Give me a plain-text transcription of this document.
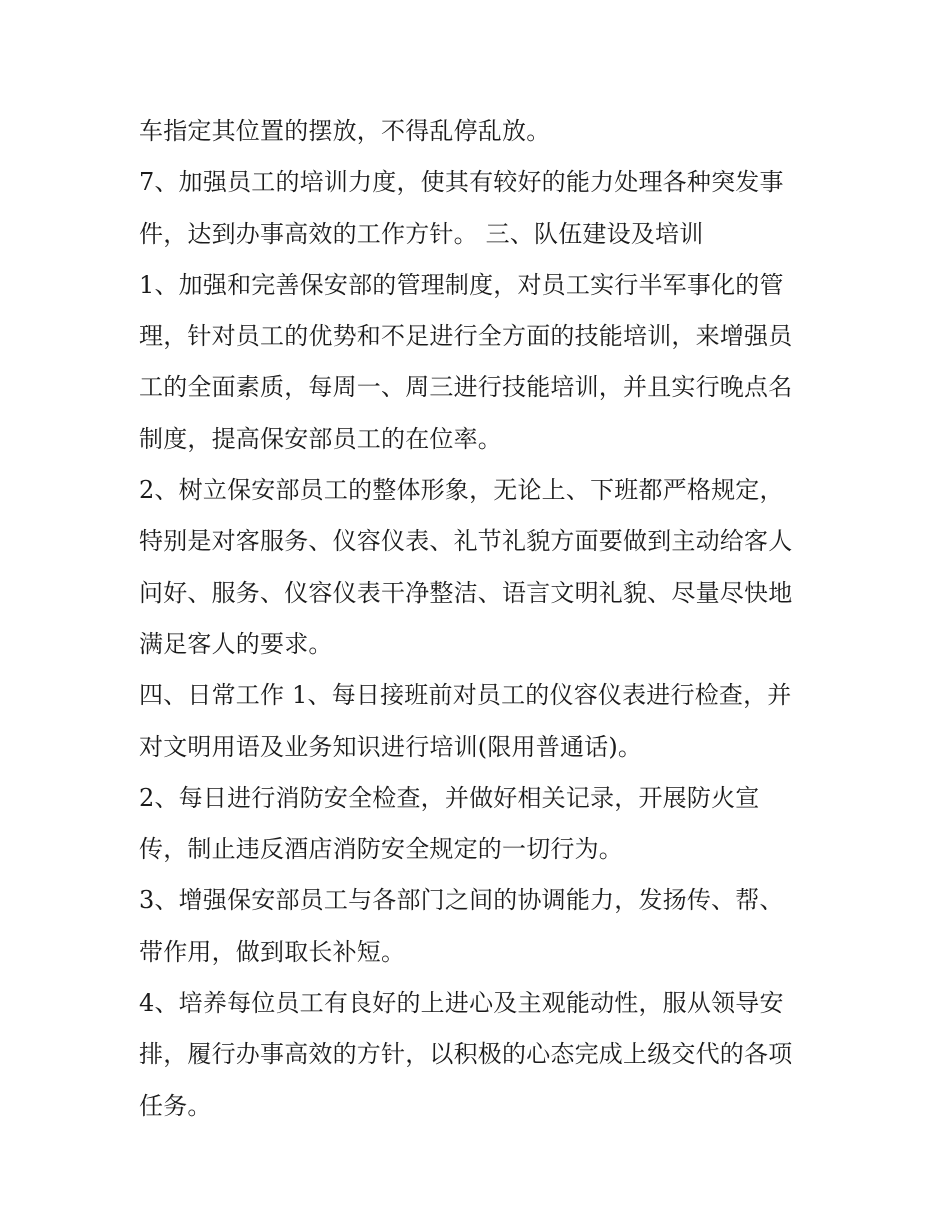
车指定其位置的摆放，不得乱停乱放。
7、加强员工的培训力度，使其有较好的能力处理各种突发事
件，达到办事高效的工作方针。 三、队伍建设及培训
1、加强和完善保安部的管理制度，对员工实行半军事化的管
理，针对员工的优势和不足进行全方面的技能培训，来增强员
工的全面素质，每周一、周三进行技能培训，并且实行晚点名
制度，提高保安部员工的在位率。
2、树立保安部员工的整体形象，无论上、下班都严格规定，
特别是对客服务、仪容仪表、礼节礼貌方面要做到主动给客人
问好、服务、仪容仪表干净整洁、语言文明礼貌、尽量尽快地
满足客人的要求。
四、日常工作 1、每日接班前对员工的仪容仪表进行检查，并
对文明用语及业务知识进行培训(限用普通话)。
2、每日进行消防安全检查，并做好相关记录，开展防火宣
传，制止违反酒店消防安全规定的一切行为。
3、增强保安部员工与各部门之间的协调能力，发扬传、帮、
带作用，做到取长补短。
4、培养每位员工有良好的上进心及主观能动性，服从领导安
排，履行办事高效的方针，以积极的心态完成上级交代的各项
任务。
